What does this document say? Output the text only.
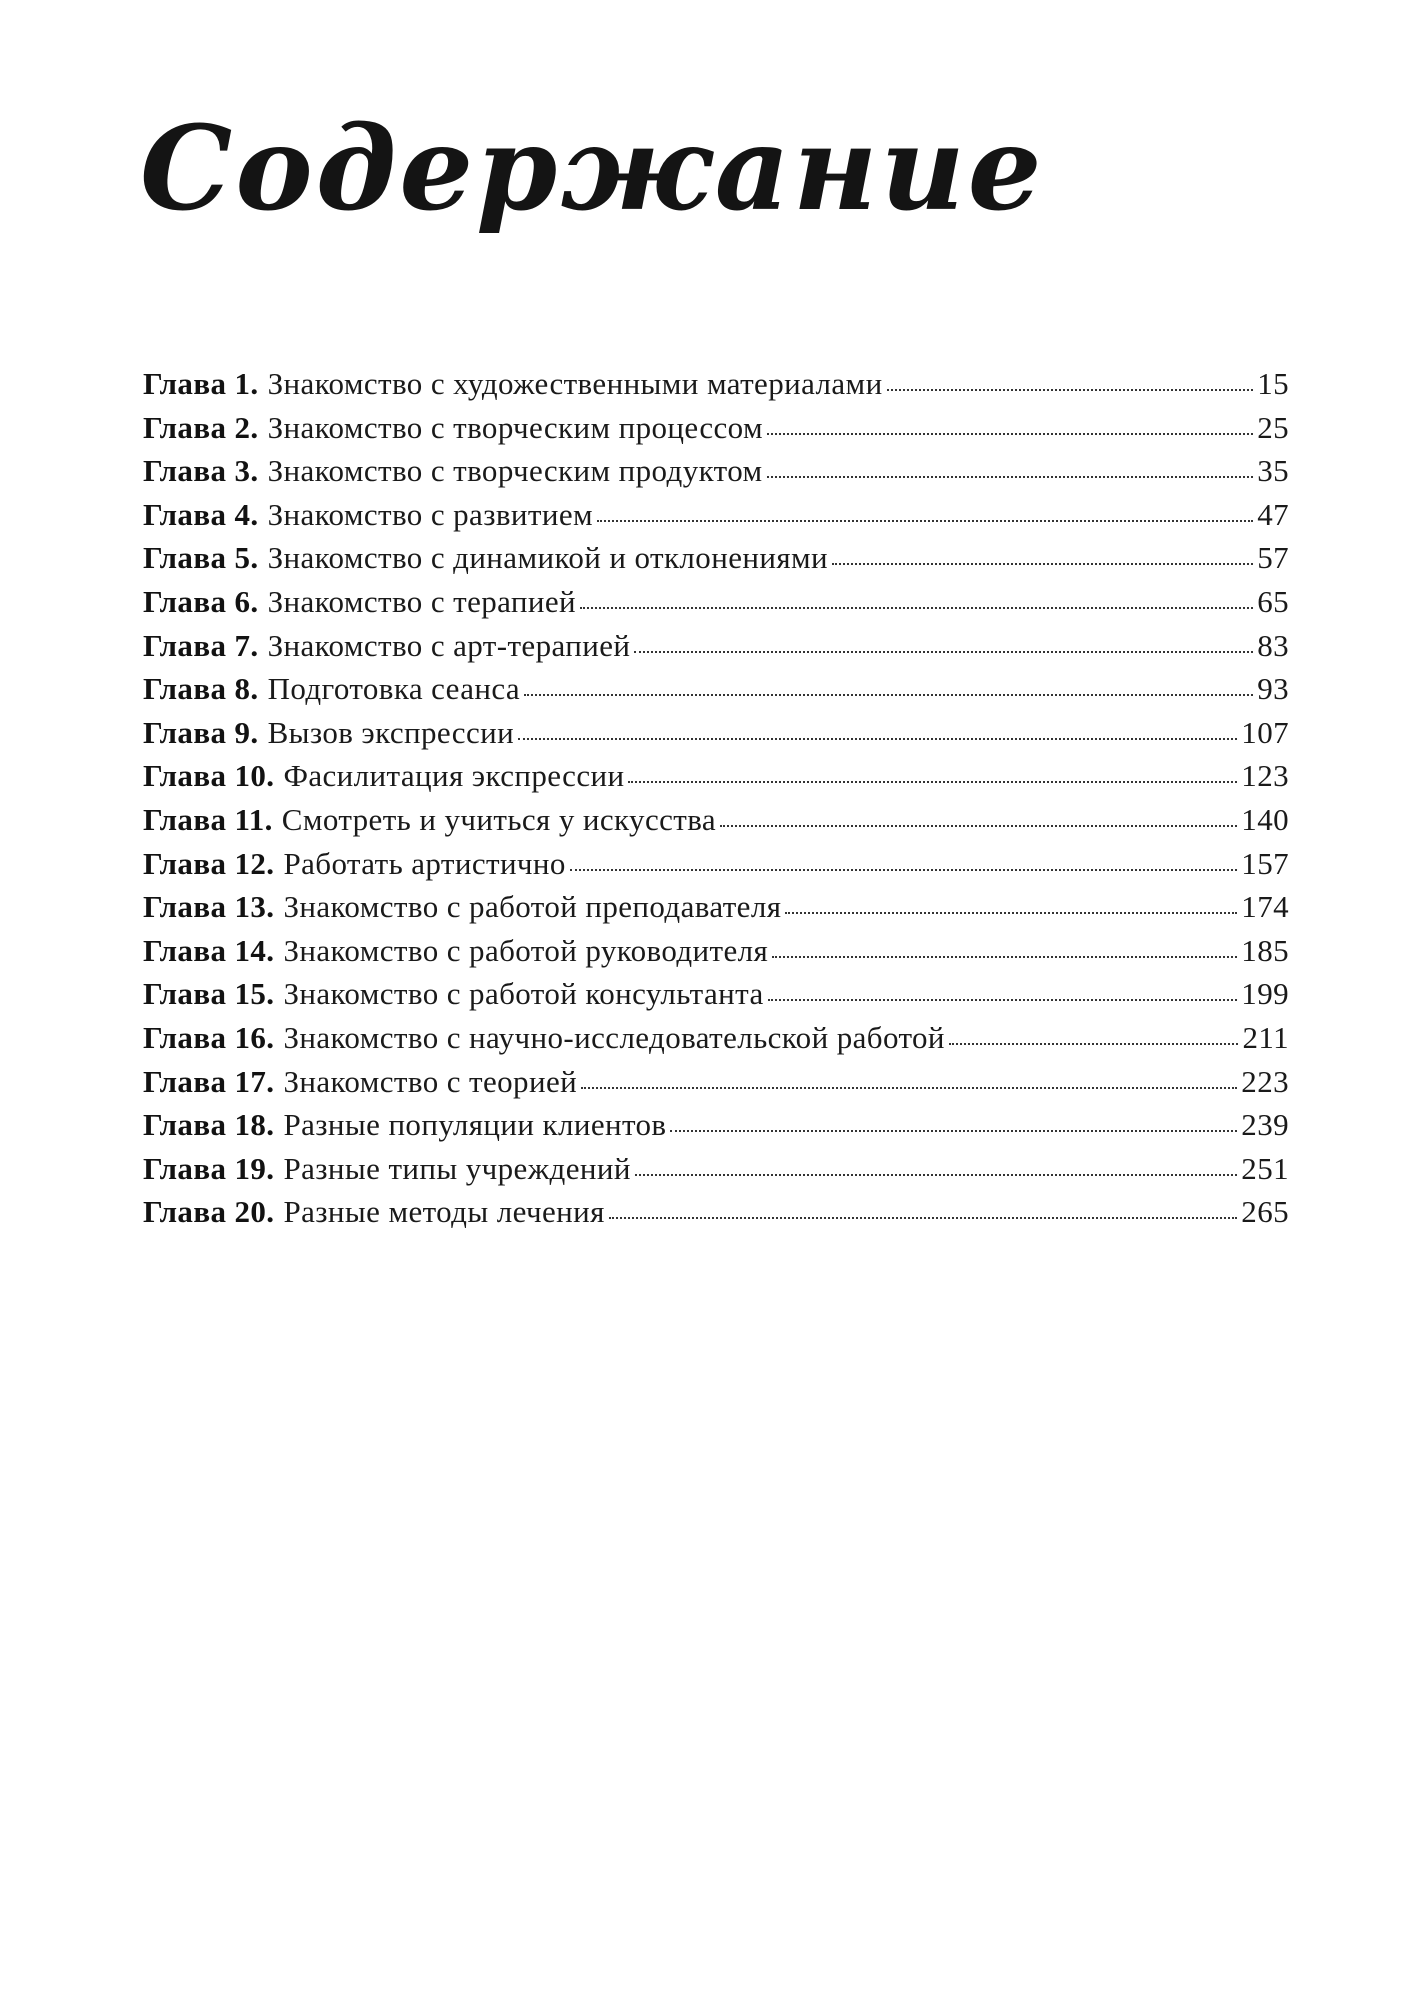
Содержание
Глава 1. Знакомство с художественными материалами	15
Глава 2. Знакомство с творческим процессом	25
Глава 3. Знакомство с творческим продуктом	35
Глава 4. Знакомство с развитием	47
Глава 5. Знакомство с динамикой и отклонениями	57
Глава 6. Знакомство с терапией	65
Глава 7. Знакомство с арт-терапией	83
Глава 8. Подготовка сеанса	93
Глава 9. Вызов экспрессии	107
Глава 10. Фасилитация экспрессии	123
Глава 11. Смотреть и учиться у искусства	140
Глава 12. Работать артистично	157
Глава 13. Знакомство с работой преподавателя	174
Глава 14. Знакомство с работой руководителя	185
Глава 15. Знакомство с работой консультанта	199
Глава 16. Знакомство с научно-исследовательской работой	211
Глава 17. Знакомство с теорией	223
Глава 18. Разные популяции клиентов	239
Глава 19. Разные типы учреждений	251
Глава 20. Разные методы лечения	265
